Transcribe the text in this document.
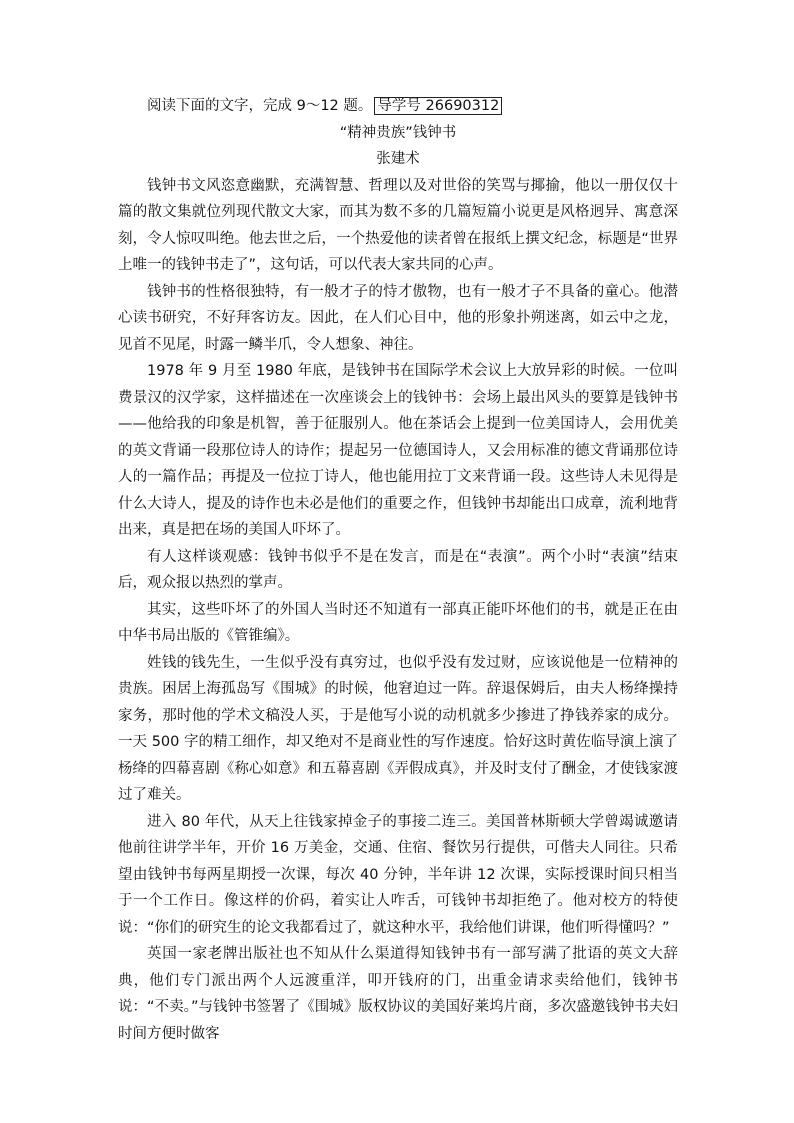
阅读下面的文字，完成 9～12 题。 导学号 26690312

“精神贵族”钱钟书

张建术

钱钟书文风恣意幽默，充满智慧、哲理以及对世俗的笑骂与揶揄，他以一册仅仅十篇的散文集就位列现代散文大家，而其为数不多的几篇短篇小说更是风格迥异、寓意深刻，令人惊叹叫绝。他去世之后，一个热爱他的读者曾在报纸上撰文纪念，标题是“世界上唯一的钱钟书走了”，这句话，可以代表大家共同的心声。

钱钟书的性格很独特，有一般才子的恃才傲物，也有一般才子不具备的童心。他潜心读书研究，不好拜客访友。因此，在人们心目中，他的形象扑朔迷离，如云中之龙，见首不见尾，时露一鳞半爪，令人想象、神往。

1978 年 9 月至 1980 年底，是钱钟书在国际学术会议上大放异彩的时候。一位叫费景汉的汉学家，这样描述在一次座谈会上的钱钟书：会场上最出风头的要算是钱钟书——他给我的印象是机智，善于征服别人。他在茶话会上提到一位美国诗人，会用优美的英文背诵一段那位诗人的诗作；提起另一位德国诗人，又会用标准的德文背诵那位诗人的一篇作品；再提及一位拉丁诗人，他也能用拉丁文来背诵一段。这些诗人未见得是什么大诗人，提及的诗作也未必是他们的重要之作，但钱钟书却能出口成章，流利地背出来，真是把在场的美国人吓坏了。

有人这样谈观感：钱钟书似乎不是在发言，而是在“表演”。两个小时“表演”结束后，观众报以热烈的掌声。

其实，这些吓坏了的外国人当时还不知道有一部真正能吓坏他们的书，就是正在由中华书局出版的《管锥编》。

姓钱的钱先生，一生似乎没有真穷过，也似乎没有发过财，应该说他是一位精神的贵族。困居上海孤岛写《围城》的时候，他窘迫过一阵。辞退保姆后，由夫人杨绛操持家务，那时他的学术文稿没人买，于是他写小说的动机就多少掺进了挣钱养家的成分。一天 500 字的精工细作，却又绝对不是商业性的写作速度。恰好这时黄佐临导演上演了杨绛的四幕喜剧《称心如意》和五幕喜剧《弄假成真》，并及时支付了酬金，才使钱家渡过了难关。

进入 80 年代，从天上往钱家掉金子的事接二连三。美国普林斯顿大学曾竭诚邀请他前往讲学半年，开价 16 万美金，交通、住宿、餐饮另行提供，可偕夫人同往。只希望由钱钟书每两星期授一次课，每次 40 分钟，半年讲 12 次课，实际授课时间只相当于一个工作日。像这样的价码，着实让人咋舌，可钱钟书却拒绝了。他对校方的特使说：“你们的研究生的论文我都看过了，就这种水平，我给他们讲课，他们听得懂吗？”

英国一家老牌出版社也不知从什么渠道得知钱钟书有一部写满了批语的英文大辞典，他们专门派出两个人远渡重洋，叩开钱府的门，出重金请求卖给他们，钱钟书说：“不卖。”与钱钟书签署了《围城》版权协议的美国好莱坞片商，多次盛邀钱钟书夫妇时间方便时做客
